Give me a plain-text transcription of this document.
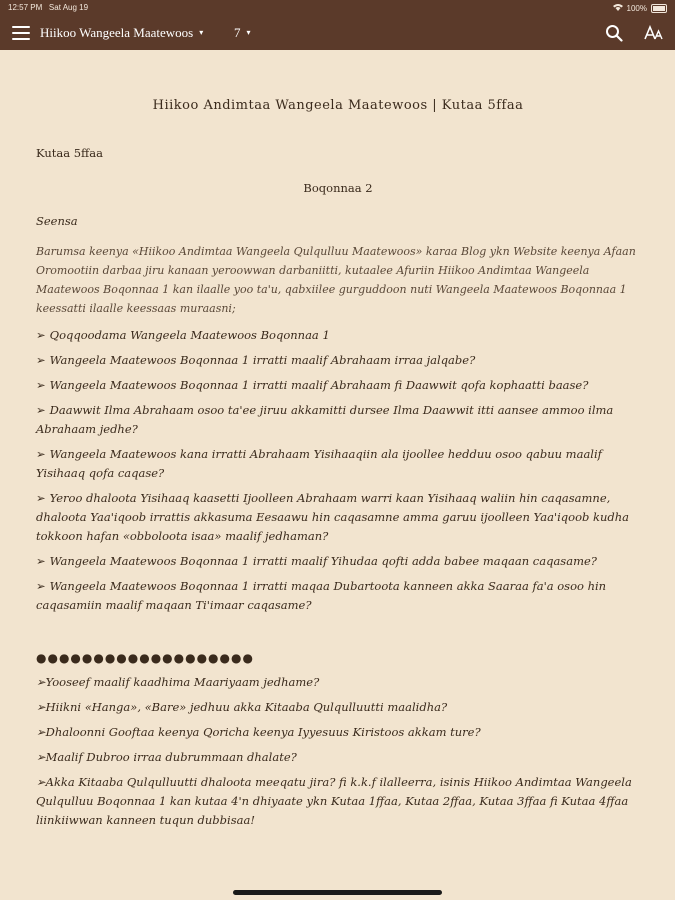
12:57 PM Sat Aug 19	100%
Hiikoo Wangeela Maatewoos ▾ 7 ▾
Hiikoo Andimtaa Wangeela Maatewoos | Kutaa 5ffaa
Kutaa 5ffaa
Boqonnaa 2
Seensa
Barumsa keenya «Hiikoo Andimtaa Wangeela Qulqulluu Maatewoos» karaa Blog ykn Website keenya Afaan Oromootiin darbaa jiru kanaan yeroowwan darbaniitti, kutaalee Afuriin Hiikoo Andimtaa Wangeela Maatewoos Boqonnaa 1 kan ilaalle yoo ta'u, qabxiilee gurguddoon nuti Wangeela Maatewoos Boqonnaa 1 keessatti ilaalle keessaas muraasni;
➢ Qoqqoodama Wangeela Maatewoos Boqonnaa 1
➢ Wangeela Maatewoos Boqonnaa 1 irratti maalif Abrahaam irraa jalqabe?
➢ Wangeela Maatewoos Boqonnaa 1 irratti maalif Abrahaam fi Daawwit qofa kophaatti baase?
➢ Daawwit Ilma Abrahaam osoo ta'ee jiruu akkamitti dursee Ilma Daawwit itti aansee ammoo ilma Abrahaam jedhe?
➢ Wangeela Maatewoos kana irratti Abrahaam Yisihaaqiin ala ijoollee hedduu osoo qabuu maalif Yisihaaq qofa caqase?
➢ Yeroo dhaloota Yisihaaq kaasetti Ijoolleen Abrahaam warri kaan Yisihaaq waliin hin caqasamne, dhaloota Yaa'iqoob irrattis akkasuma Eesaawu hin caqasamne amma garuu ijoolleen Yaa'iqoob kudha tokkoon hafan «obboloota isaa» maalif jedhaman?
➢ Wangeela Maatewoos Boqonnaa 1 irratti maalif Yihudaa qofti adda babee maqaan caqasame?
➢ Wangeela Maatewoos Boqonnaa 1 irratti maqaa Dubartoota kanneen akka Saaraa fa'a osoo hin caqasamiin maalif maqaan Ti'imaar caqasame?
●●●●●●●●●●●●●●●●●●●
➢Yooseef maalif kaadhima Maariyaam jedhame?
➢Hiikni «Hanga», «Bare» jedhuu akka Kitaaba Qulqulluutti maalidha?
➢Dhaloonni Gooftaa keenya Qoricha keenya Iyyesuus Kiristoos akkam ture?
➢Maalif Dubroo irraa dubrummaan dhalate?
➢Akka Kitaaba Qulqulluutti dhaloota meeqatu jira? fi k.k.f ilalleerra, isinis Hiikoo Andimtaa Wangeela Qulqulluu Boqonnaa 1 kan kutaa 4'n dhiyaate ykn Kutaa 1ffaa, Kutaa 2ffaa, Kutaa 3ffaa fi Kutaa 4ffaa liinkiiwwan kanneen tuqun dubbisaa!
